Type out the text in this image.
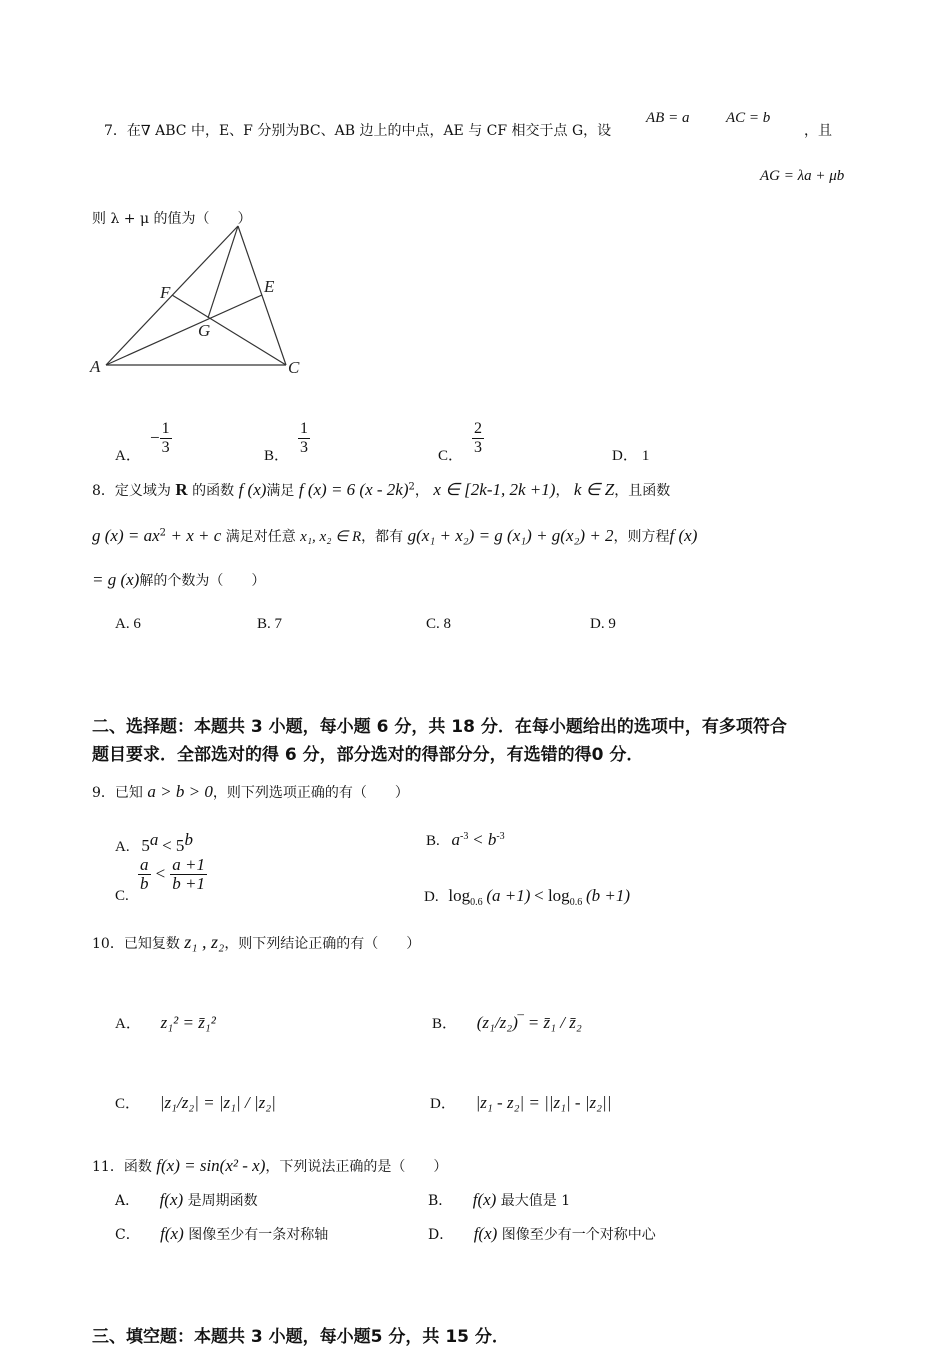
7．在∇ ABC 中，E、F 分别为BC、AB 边上的中点，AE 与 CF 相交于点 G，设
AB = a AC = b
，且
AG = λa + μb
则 λ + μ 的值为（　　）
A	C
E
F
G
A．
− $\frac{1}{3}$	B． $\frac{1}{3}$	C． $\frac{2}{3}$	D． 1
8．定义域为 R 的函数 f (x)满足 f (x) = 6 (x - 2k)$^2$， x ∈ [2k-1, 2k +1)， k ∈ Z，且函数
g $(x) = ax^2 + x + c$ 满足对任意 x₁, x₂ ∈ R，都有 g(x₁ + x₂) = g (x₁) + g(x₂) + 2，则方程f (x)
= g (x)解的个数为（　　）
A. 6	B. 7	C. 8	D. 9
二、选择题：本题共 3 小题，每小题 6 分，共 18 分．在每小题给出的选项中，有多项符合
题目要求．全部选对的得 6 分，部分选对的得部分分，有选错的得0 分．
9．已知 a > b > 0，则下列选项正确的有（　　）
A. $5^a < 5^b$	B. $a^{-3} < b^{-3}$
C.
$\frac{a}{b} < \frac{a +1}{b +1}$
D. $\log_{0.6} (a +1) < \log_{0.6} (b +1)$
10．已知复数 z₁ , z₂，则下列结论正确的有（　　）
A． z₁² = z̄₁²	B． (z₁/z₂)‾ = z̄₁ / z̄₂
C． |z₁/z₂| = |z₁| / |z₂|	D． |z₁ - z₂| = ||z₁| - |z₂||
11．函数 f(x) = sin(x² - x)，下列说法正确的是（　　）
A． f(x) 是周期函数	B． f(x) 最大值是 1
C． f(x) 图像至少有一条对称轴	D． f(x) 图像至少有一个对称中心
三、填空题：本题共 3 小题，每小题5 分，共 15 分．
